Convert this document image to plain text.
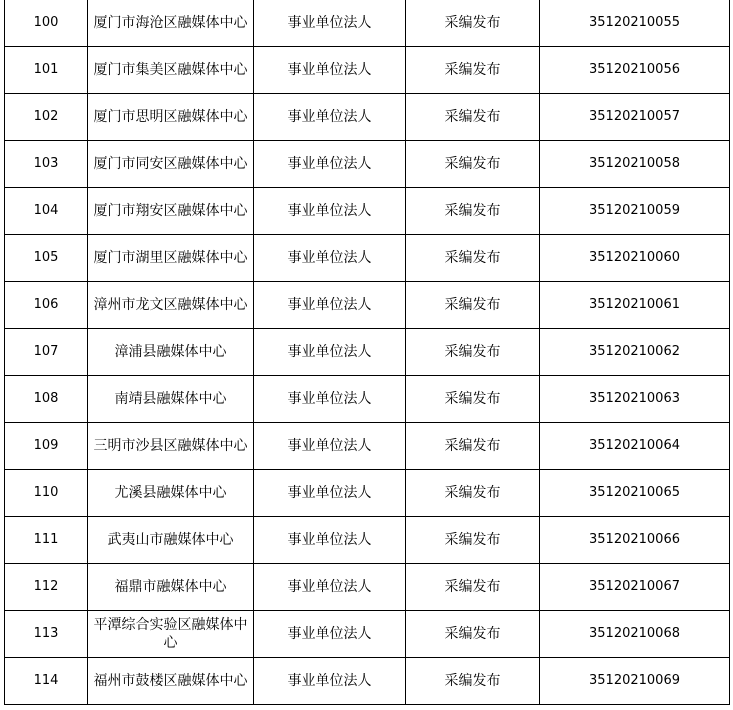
100	厦门市海沧区融媒体中心	事业单位法人	采编发布	35120210055
101	厦门市集美区融媒体中心	事业单位法人	采编发布	35120210056
102	厦门市思明区融媒体中心	事业单位法人	采编发布	35120210057
103	厦门市同安区融媒体中心	事业单位法人	采编发布	35120210058
104	厦门市翔安区融媒体中心	事业单位法人	采编发布	35120210059
105	厦门市湖里区融媒体中心	事业单位法人	采编发布	35120210060
106	漳州市龙文区融媒体中心	事业单位法人	采编发布	35120210061
107	漳浦县融媒体中心	事业单位法人	采编发布	35120210062
108	南靖县融媒体中心	事业单位法人	采编发布	35120210063
109	三明市沙县区融媒体中心	事业单位法人	采编发布	35120210064
110	尤溪县融媒体中心	事业单位法人	采编发布	35120210065
111	武夷山市融媒体中心	事业单位法人	采编发布	35120210066
112	福鼎市融媒体中心	事业单位法人	采编发布	35120210067
113	平潭综合实验区融媒体中心	事业单位法人	采编发布	35120210068
114	福州市鼓楼区融媒体中心	事业单位法人	采编发布	35120210069
